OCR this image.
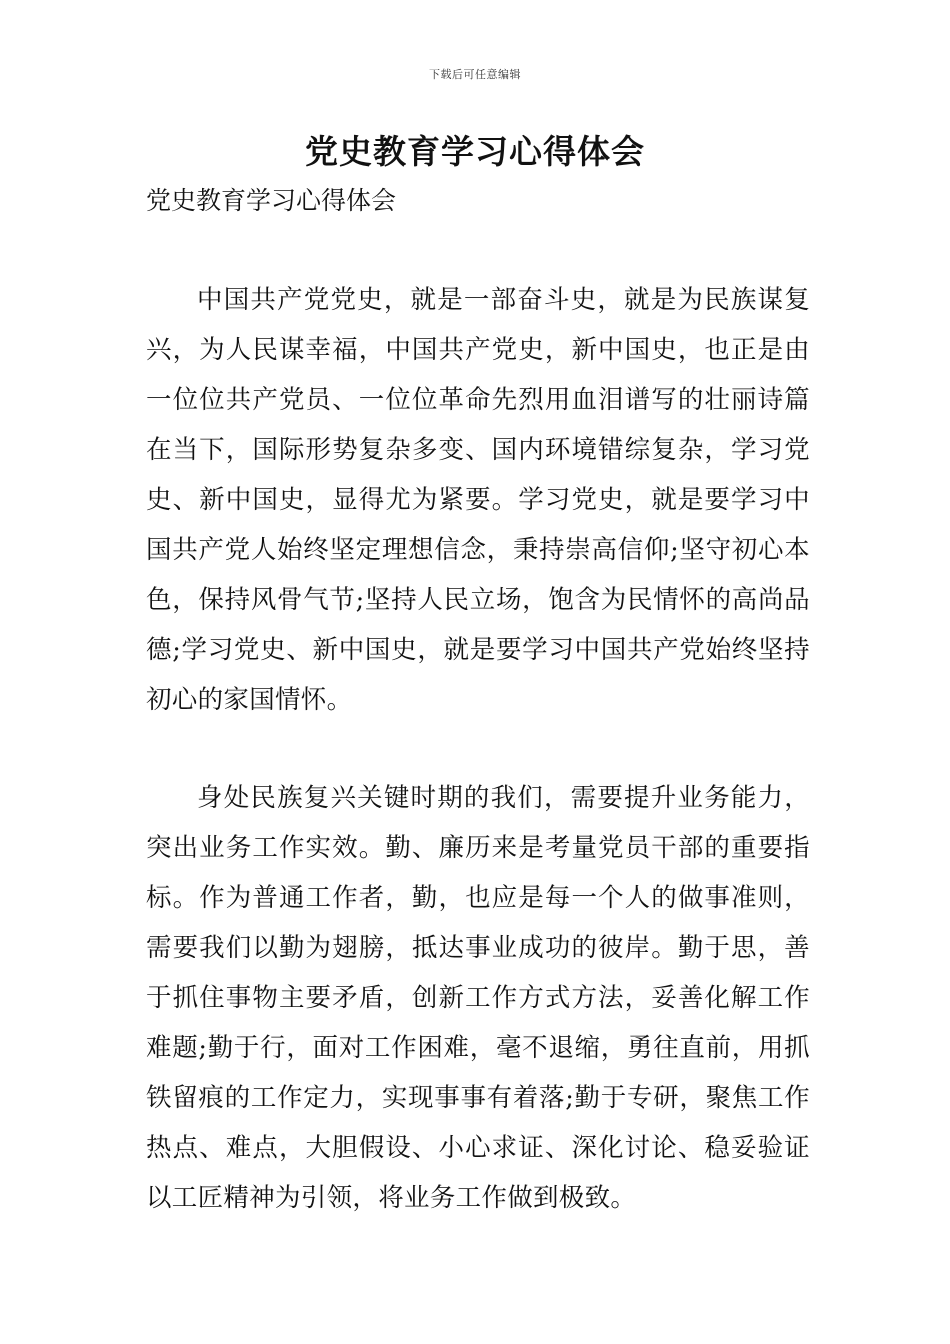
下载后可任意编辑
党史教育学习心得体会

党史教育学习心得体会

中国共产党党史，就是一部奋斗史，就是为民族谋复兴，为人民谋幸福，中国共产党史，新中国史，也正是由一位位共产党员、一位位革命先烈用血泪谱写的壮丽诗篇在当下，国际形势复杂多变、国内环境错综复杂，学习党史、新中国史，显得尤为紧要。学习党史，就是要学习中国共产党人始终坚定理想信念，秉持崇高信仰;坚守初心本色，保持风骨气节;坚持人民立场，饱含为民情怀的高尚品德;学习党史、新中国史，就是要学习中国共产党始终坚持初心的家国情怀。

身处民族复兴关键时期的我们，需要提升业务能力，突出业务工作实效。勤、廉历来是考量党员干部的重要指标。作为普通工作者，勤，也应是每一个人的做事准则，需要我们以勤为翅膀，抵达事业成功的彼岸。勤于思，善于抓住事物主要矛盾，创新工作方式方法，妥善化解工作难题;勤于行，面对工作困难，毫不退缩，勇往直前，用抓铁留痕的工作定力，实现事事有着落;勤于专研，聚焦工作热点、难点，大胆假设、小心求证、深化讨论、稳妥验证以工匠精神为引领，将业务工作做到极致。
